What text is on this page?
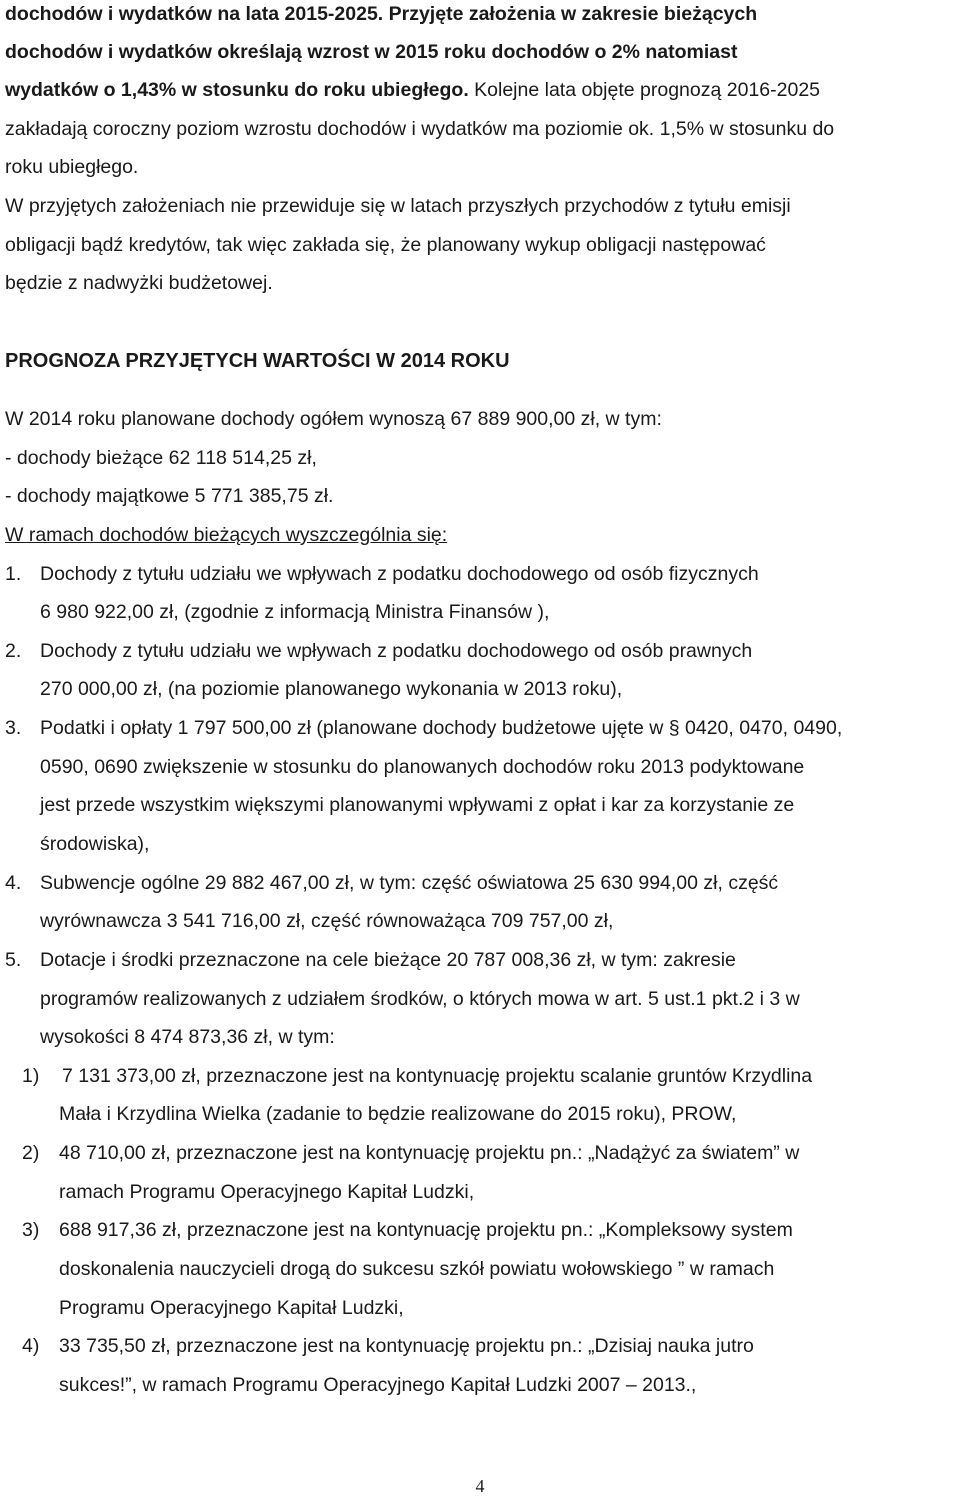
dochodów i wydatków na lata 2015-2025. Przyjęte założenia w zakresie bieżących
dochodów i wydatków określają wzrost w 2015 roku dochodów o 2% natomiast
wydatków o 1,43% w stosunku do roku ubiegłego. Kolejne lata objęte prognozą 2016-2025
zakładają coroczny poziom wzrostu dochodów i wydatków ma poziomie ok. 1,5% w stosunku do
roku ubiegłego.
W przyjętych założeniach nie przewiduje się w latach przyszłych przychodów z tytułu emisji
obligacji bądź kredytów, tak więc zakłada się, że planowany wykup obligacji następować
będzie z nadwyżki budżetowej.
PROGNOZA PRZYJĘTYCH WARTOŚCI W 2014 ROKU
W 2014 roku planowane dochody ogółem wynoszą 67 889 900,00 zł, w tym:
- dochody bieżące 62 118 514,25 zł,
- dochody majątkowe 5 771 385,75 zł.
W ramach dochodów bieżących wyszczególnia się:
1. Dochody z tytułu udziału we wpływach z podatku dochodowego od osób fizycznych
6 980 922,00 zł, (zgodnie z informacją Ministra Finansów ),
2. Dochody z tytułu udziału we wpływach z podatku dochodowego od osób prawnych
270 000,00 zł, (na poziomie planowanego wykonania w 2013 roku),
3. Podatki i opłaty 1 797 500,00 zł (planowane dochody budżetowe ujęte w § 0420, 0470, 0490,
0590, 0690 zwiększenie w stosunku do planowanych dochodów roku 2013 podyktowane
jest przede wszystkim większymi planowanymi wpływami z opłat i kar za korzystanie ze
środowiska),
4. Subwencje ogólne 29 882 467,00 zł, w tym: część oświatowa 25 630 994,00 zł, część
wyrównawcza 3 541 716,00 zł, część równoważąca 709 757,00 zł,
5. Dotacje i środki przeznaczone na cele bieżące 20 787 008,36 zł, w tym: zakresie
programów realizowanych z udziałem środków, o których mowa w art. 5 ust.1 pkt.2 i 3 w
wysokości 8 474 873,36 zł, w tym:
1) 7 131 373,00 zł, przeznaczone jest na kontynuację projektu scalanie gruntów Krzydlina
Mała i Krzydlina Wielka (zadanie to będzie realizowane do 2015 roku), PROW,
2) 48 710,00 zł, przeznaczone jest na kontynuację projektu pn.: „Nadążyć za światem” w
ramach Programu Operacyjnego Kapitał Ludzki,
3) 688 917,36 zł, przeznaczone jest na kontynuację projektu pn.: „Kompleksowy system
doskonalenia nauczycieli drogą do sukcesu szkół powiatu wołowskiego ” w ramach
Programu Operacyjnego Kapitał Ludzki,
4) 33 735,50 zł, przeznaczone jest na kontynuację projektu pn.: „Dzisiaj nauka jutro
sukces!”, w ramach Programu Operacyjnego Kapitał Ludzki 2007 – 2013.,
4
